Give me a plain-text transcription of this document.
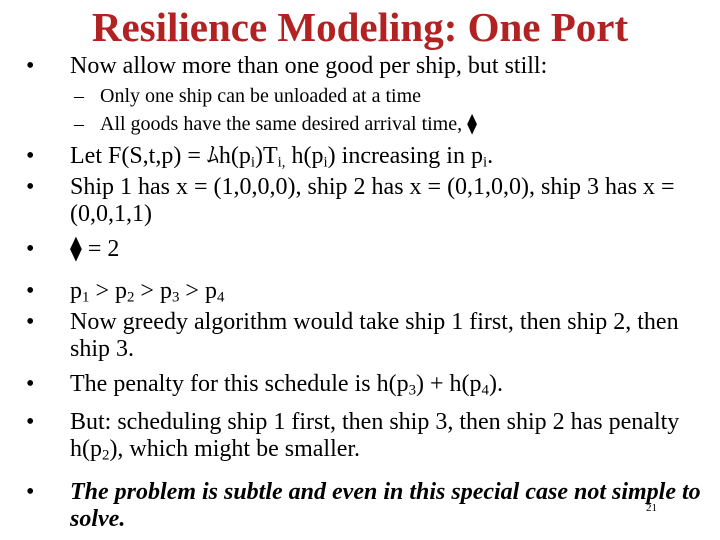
Resilience Modeling: One Port
•	Now allow more than one good per ship, but still:
– Only one ship can be unloaded at a time
– All goods have the same desired arrival time, ⧫
•	Let F(S,t,p) = ﾑ$h(p_i)T_{i,}$ $h(p_i)$ increasing in $p_i$.
•	Ship 1 has x = (1,0,0,0), ship 2 has x = (0,1,0,0), ship 3 has x = (0,0,1,1)
•	⧫ = 2
•	$p_1 > p_2 > p_3 > p_4$
•	Now greedy algorithm would take ship 1 first, then ship 2, then ship 3.
•	The penalty for this schedule is $h(p_3) + h(p_4)$.
•	But: scheduling ship 1 first, then ship 3, then ship 2 has penalty $h(p_2)$, which might be smaller.
•	The problem is subtle and even in this special case not simple to solve.	21
